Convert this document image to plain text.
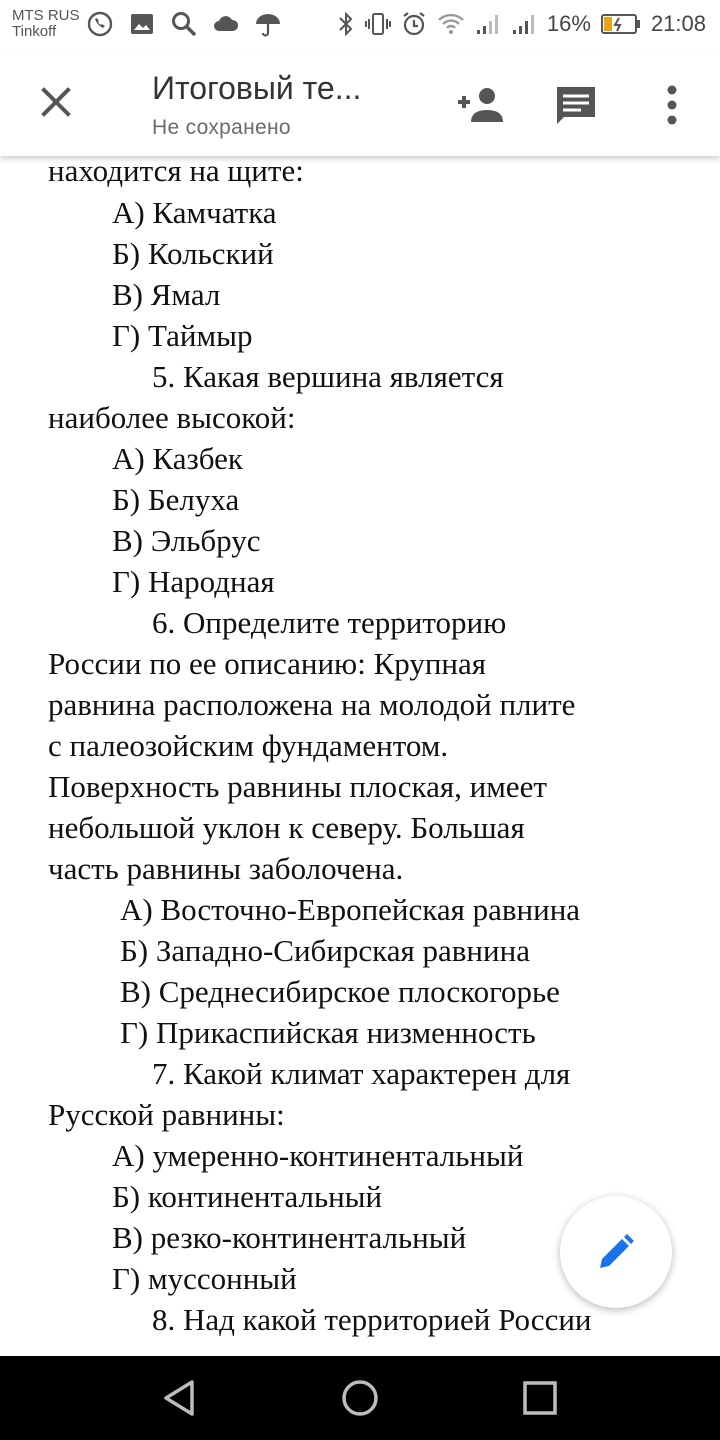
MTS RUS
Tinkoff	16%	21:08
Итоговый те...
Не сохранено
находится на щите:
А) Камчатка
Б) Кольский
В) Ямал
Г) Таймыр
5. Какая вершина является
наиболее высокой:
А) Казбек
Б) Белуха
В) Эльбрус
Г) Народная
6. Определите территорию
России по ее описанию: Крупная
равнина расположена на молодой плите
с палеозойским фундаментом.
Поверхность равнины плоская, имеет
небольшой уклон к северу. Большая
часть равнины заболочена.
А) Восточно-Европейская равнина
Б) Западно-Сибирская равнина
В) Среднесибирское плоскогорье
Г) Прикаспийская низменность
7. Какой климат характерен для
Русской равнины:
А) умеренно-континентальный
Б) континентальный
В) резко-континентальный
Г) муссонный
8. Над какой территорией России
